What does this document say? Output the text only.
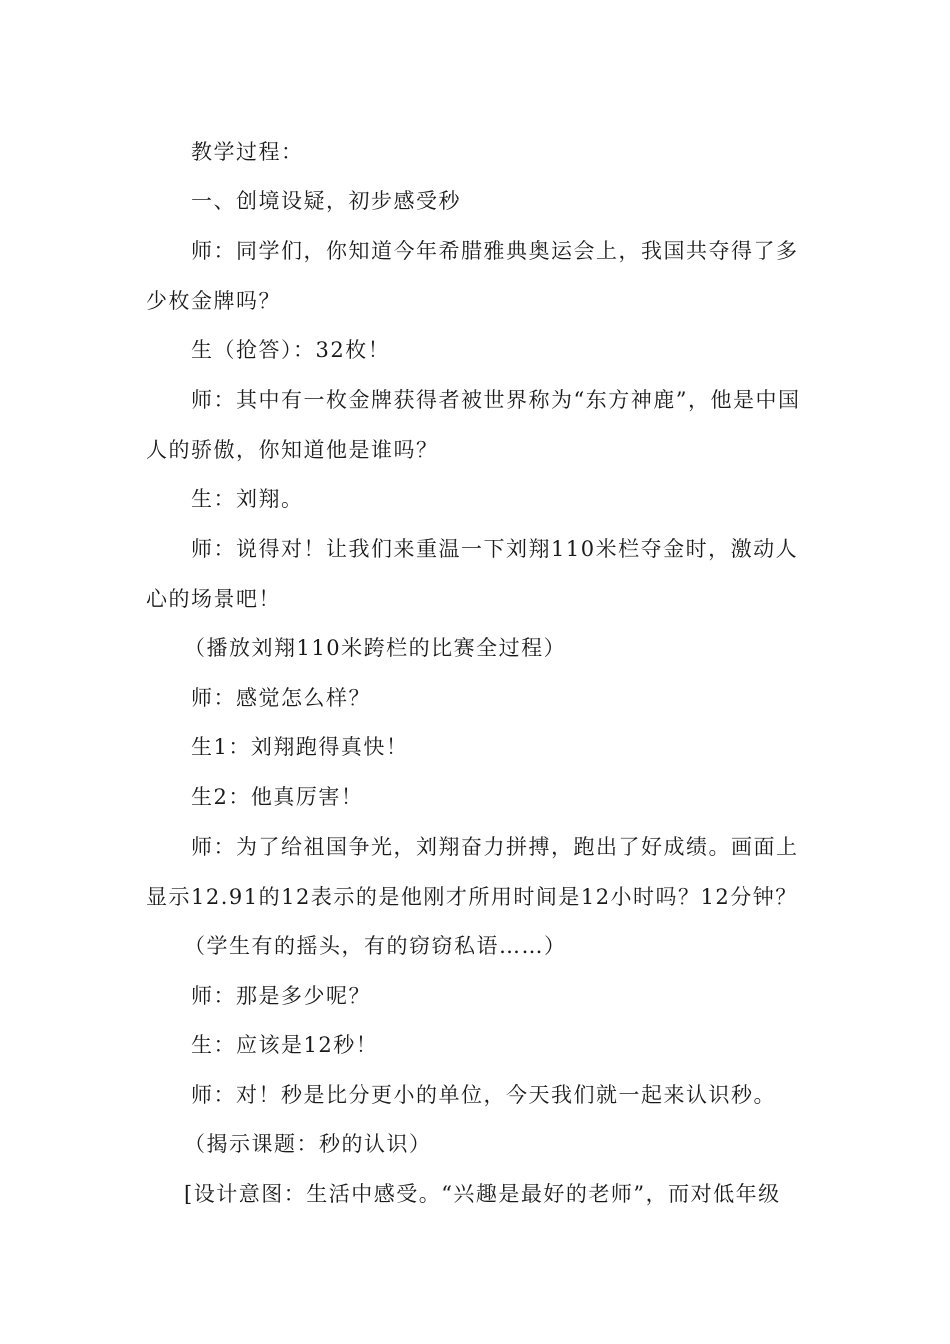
教学过程：

一、创境设疑，初步感受秒

师：同学们，你知道今年希腊雅典奥运会上，我国共夺得了多少枚金牌吗？

生（抢答）：32枚！

师：其中有一枚金牌获得者被世界称为“东方神鹿”，他是中国人的骄傲，你知道他是谁吗？

生：刘翔。

师：说得对！让我们来重温一下刘翔110米栏夺金时，激动人心的场景吧！

（播放刘翔110米跨栏的比赛全过程）

师：感觉怎么样？

生1：刘翔跑得真快！

生2：他真厉害！

师：为了给祖国争光，刘翔奋力拼搏，跑出了好成绩。画面上显示12.91的12表示的是他刚才所用时间是12小时吗？12分钟？

（学生有的摇头，有的窃窃私语……）

师：那是多少呢？

生：应该是12秒！

师：对！秒是比分更小的单位，今天我们就一起来认识秒。

（揭示课题：秒的认识）

[设计意图：生活中感受。“兴趣是最好的老师”，而对低年级
